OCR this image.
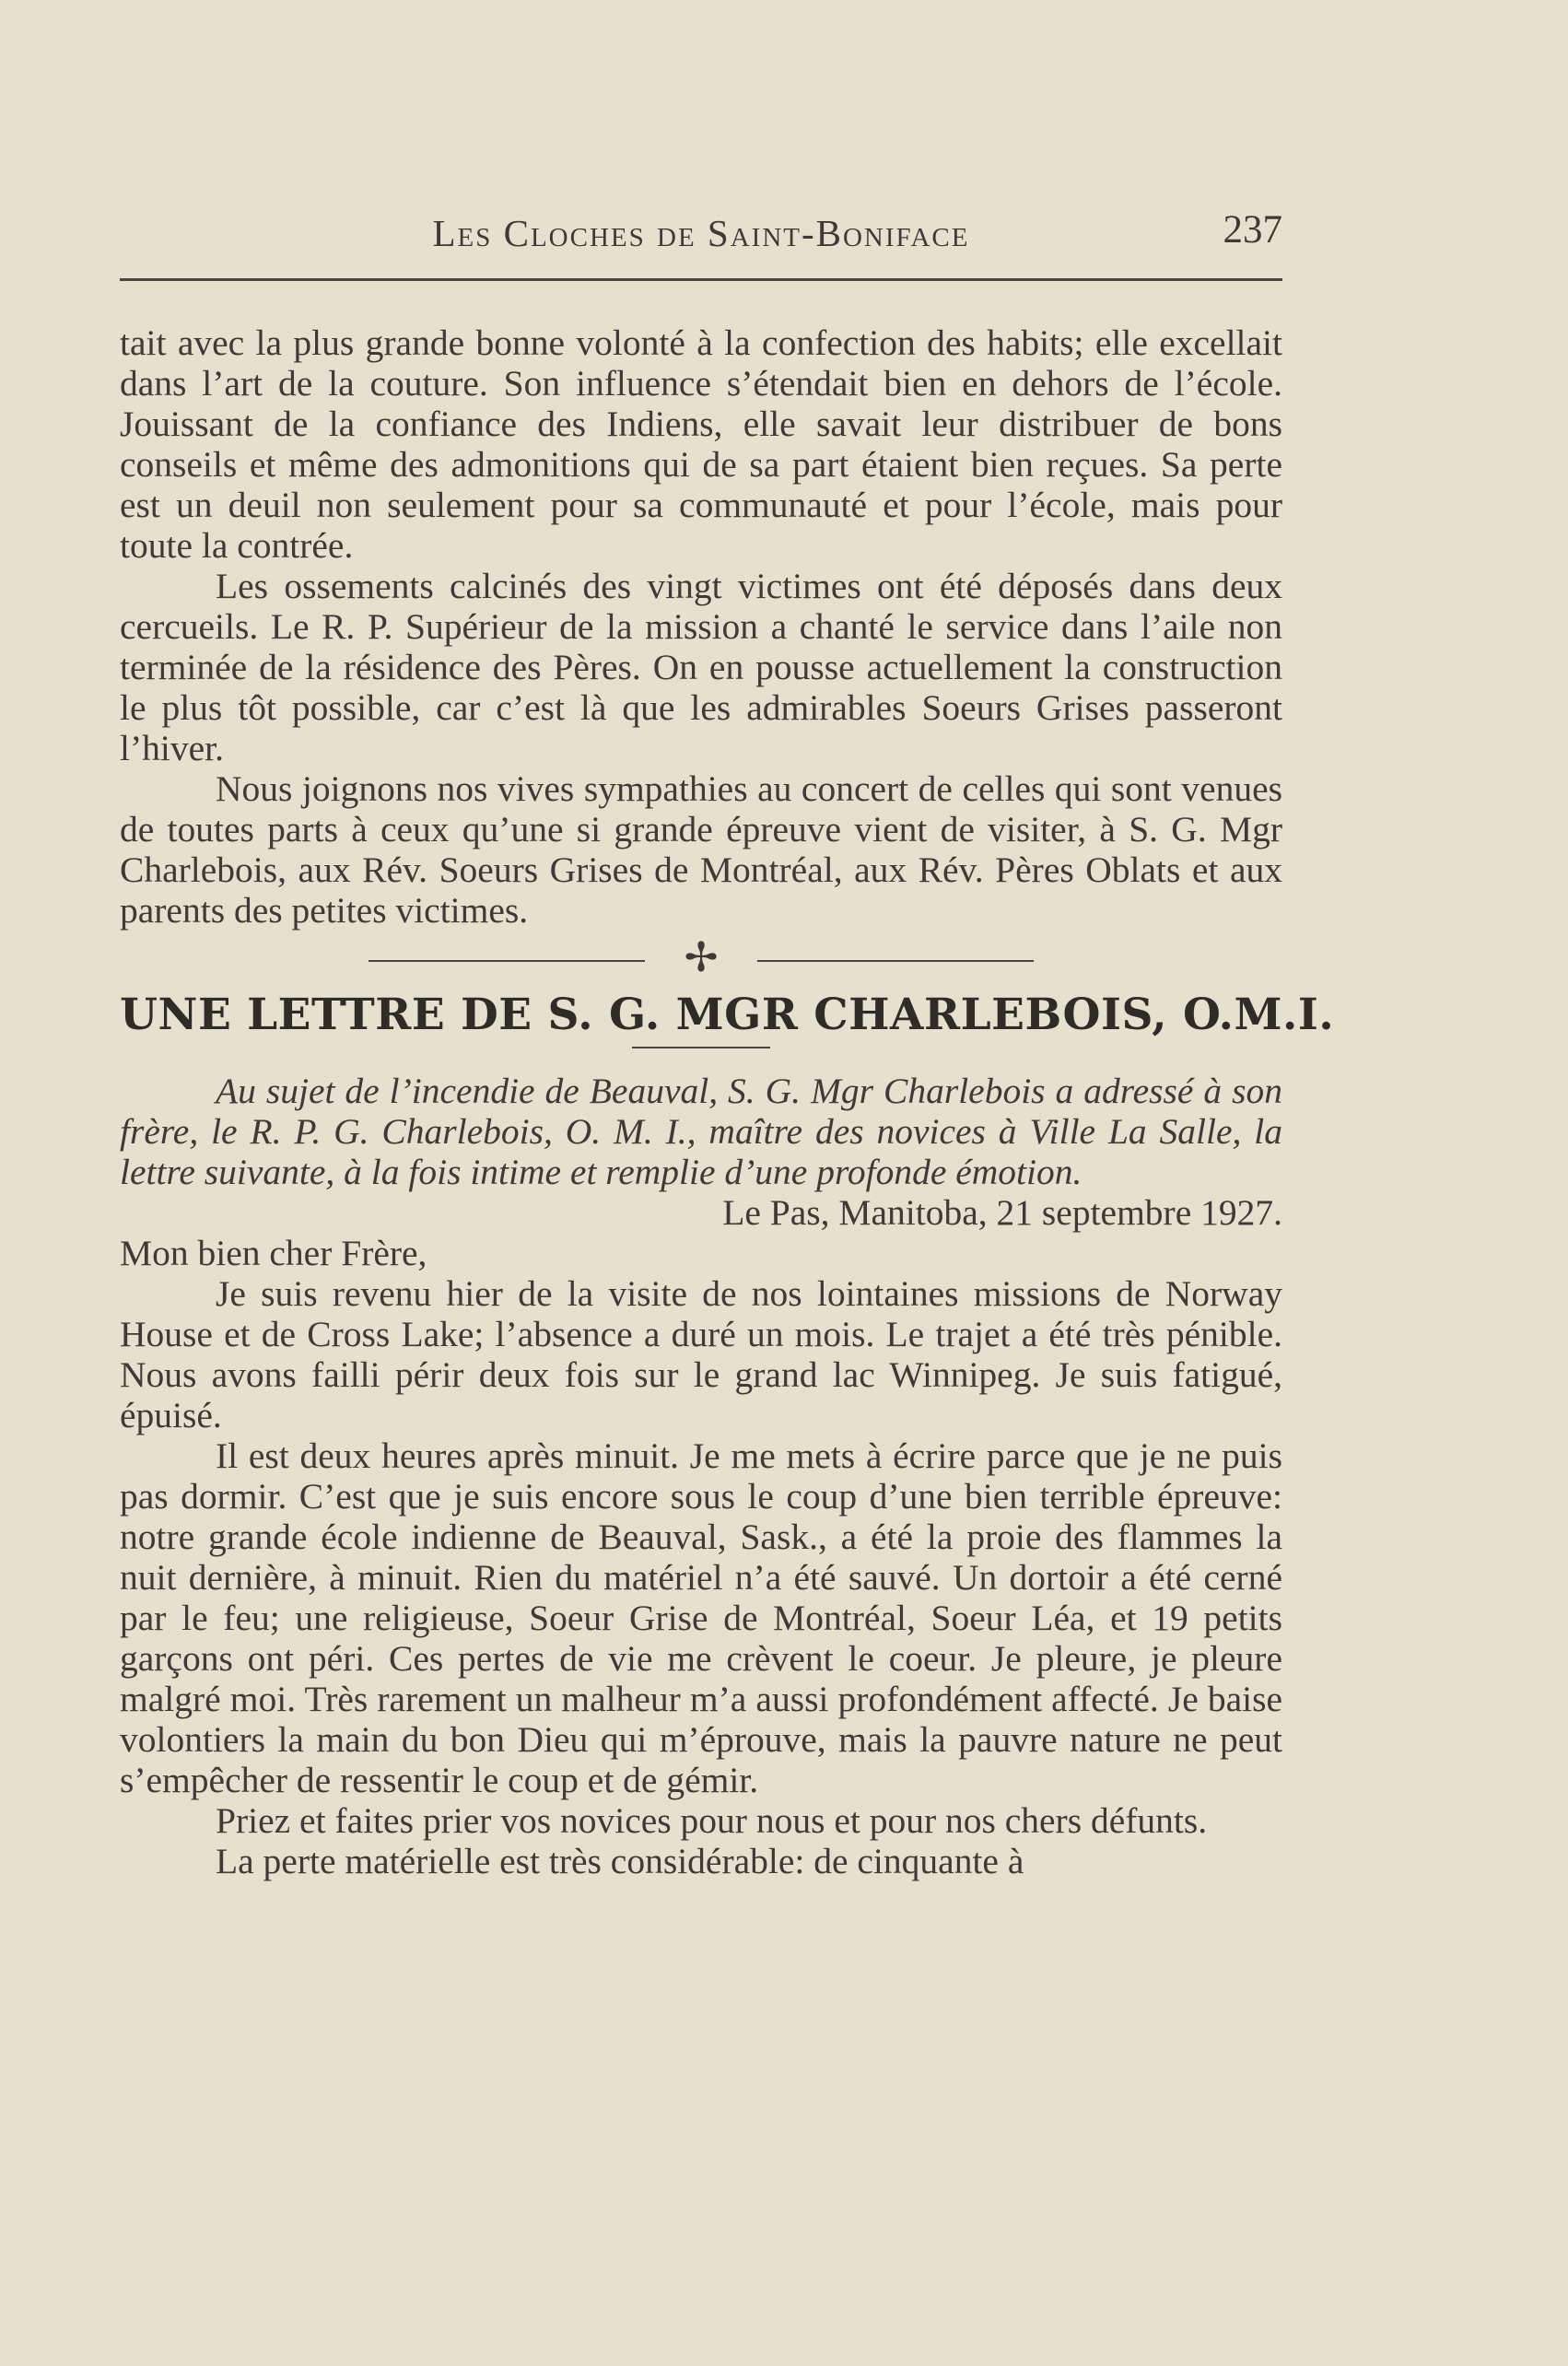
Les Cloches de Saint-Boniface	237

tait avec la plus grande bonne volonté à la confection des habits; elle excellait dans l’art de la couture. Son influence s’étendait bien en dehors de l’école. Jouissant de la confiance des Indiens, elle savait leur distribuer de bons conseils et même des admonitions qui de sa part étaient bien reçues. Sa perte est un deuil non seulement pour sa communauté et pour l’école, mais pour toute la contrée.

Les ossements calcinés des vingt victimes ont été déposés dans deux cercueils. Le R. P. Supérieur de la mission a chanté le service dans l’aile non terminée de la résidence des Pères. On en pousse actuellement la construction le plus tôt possible, car c’est là que les admirables Soeurs Grises passeront l’hiver.

Nous joignons nos vives sympathies au concert de celles qui sont venues de toutes parts à ceux qu’une si grande épreuve vient de visiter, à S. G. Mgr Charlebois, aux Rév. Soeurs Grises de Montréal, aux Rév. Pères Oblats et aux parents des petites victimes.

✢
UNE LETTRE DE S. G. MGR CHARLEBOIS, O.M.I.

Au sujet de l’incendie de Beauval, S. G. Mgr Charlebois a adressé à son frère, le R. P. G. Charlebois, O. M. I., maître des novices à Ville La Salle, la lettre suivante, à la fois intime et remplie d’une profonde émotion.

Le Pas, Manitoba, 21 septembre 1927.

Mon bien cher Frère,

Je suis revenu hier de la visite de nos lointaines missions de Norway House et de Cross Lake; l’absence a duré un mois. Le trajet a été très pénible. Nous avons failli périr deux fois sur le grand lac Winnipeg. Je suis fatigué, épuisé.

Il est deux heures après minuit. Je me mets à écrire parce que je ne puis pas dormir. C’est que je suis encore sous le coup d’une bien terrible épreuve: notre grande école indienne de Beauval, Sask., a été la proie des flammes la nuit dernière, à minuit. Rien du matériel n’a été sauvé. Un dortoir a été cerné par le feu; une religieuse, Soeur Grise de Montréal, Soeur Léa, et 19 petits garçons ont péri. Ces pertes de vie me crèvent le coeur. Je pleure, je pleure malgré moi. Très rarement un malheur m’a aussi profondément affecté. Je baise volontiers la main du bon Dieu qui m’éprouve, mais la pauvre nature ne peut s’empêcher de ressentir le coup et de gémir.

Priez et faites prier vos novices pour nous et pour nos chers défunts.

La perte matérielle est très considérable: de cinquante à
